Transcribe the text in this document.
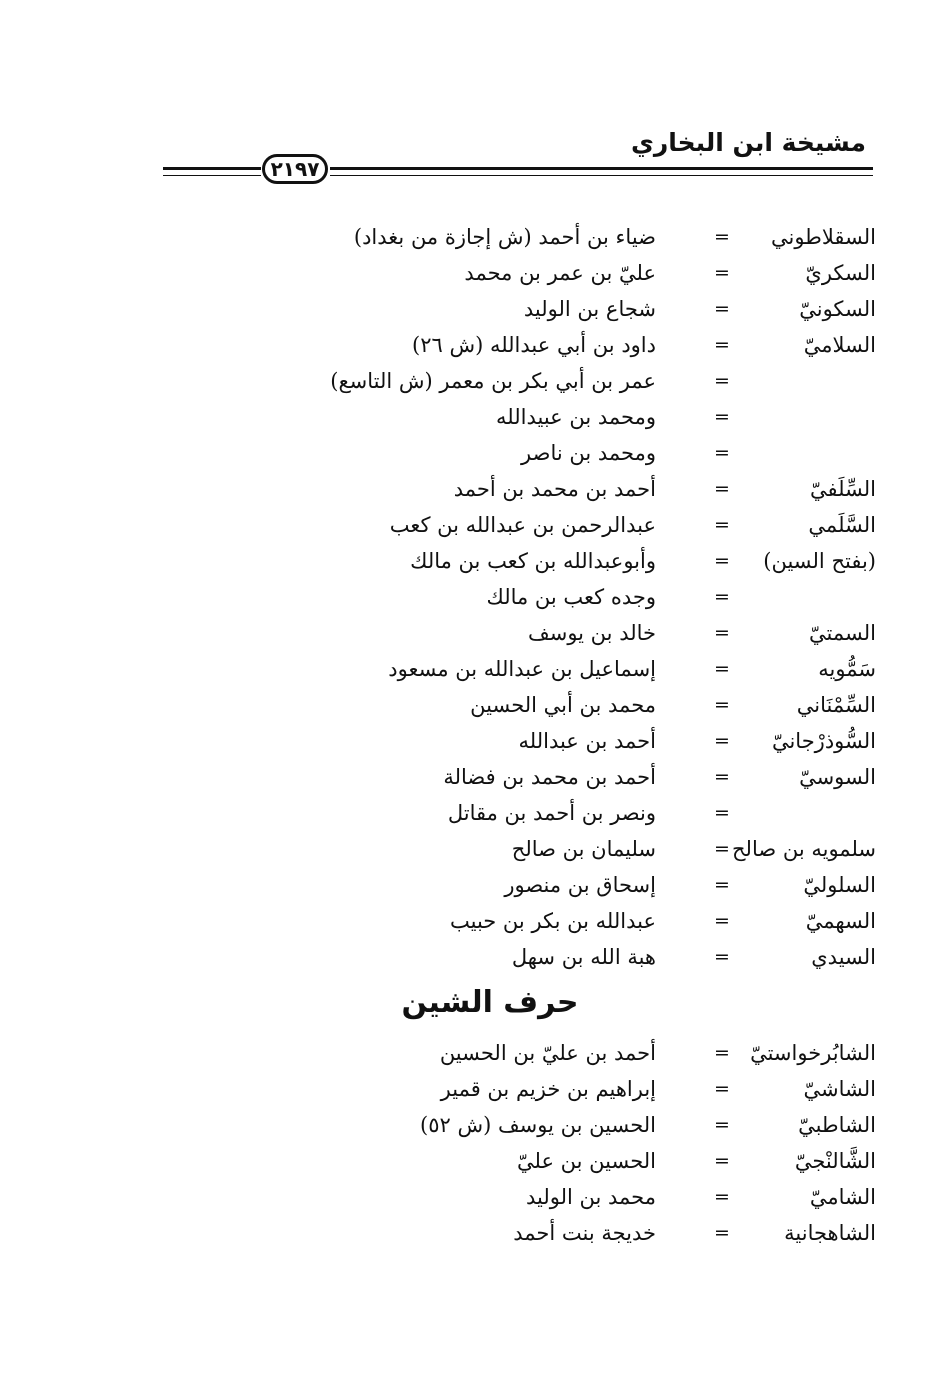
مشيخة ابن البخاري
٢١٩٧
السقلاطوني
=
ضياء بن أحمد (ش إجازة من بغداد)
السكريّ
=
عليّ بن عمر بن محمد
السكونيّ
=
شجاع بن الوليد
السلاميّ
=
داود بن أبي عبدالله (ش ٢٦)
=
عمر بن أبي بكر بن معمر (ش التاسع)
=
ومحمد بن عبيدالله
=
ومحمد بن ناصر
السِّلَفيّ
=
أحمد بن محمد بن أحمد
السَّلَمي
=
عبدالرحمن بن عبدالله بن كعب
(بفتح السين)
=
وأبوعبدالله بن كعب بن مالك
=
وجده كعب بن مالك
السمتيّ
=
خالد بن يوسف
سَمُّويه
=
إسماعيل بن عبدالله بن مسعود
السِّمْنَاني
=
محمد بن أبي الحسين
السُّوذرْجانيّ
=
أحمد بن عبدالله
السوسيّ
=
أحمد بن محمد بن فضالة
=
ونصر بن أحمد بن مقاتل
سلمويه بن صالح
=
سليمان بن صالح
السلوليّ
=
إسحاق بن منصور
السهميّ
=
عبدالله بن بكر بن حبيب
السيدي
=
هبة الله بن سهل
حرف الشين
الشابُرخواستيّ
=
أحمد بن عليّ بن الحسين
الشاشيّ
=
إبراهيم بن خزيم بن قمير
الشاطبيّ
=
الحسين بن يوسف (ش ٥٢)
الشَّالنْجيّ
=
الحسين بن عليّ
الشاميّ
=
محمد بن الوليد
الشاهجانية
=
خديجة بنت أحمد
